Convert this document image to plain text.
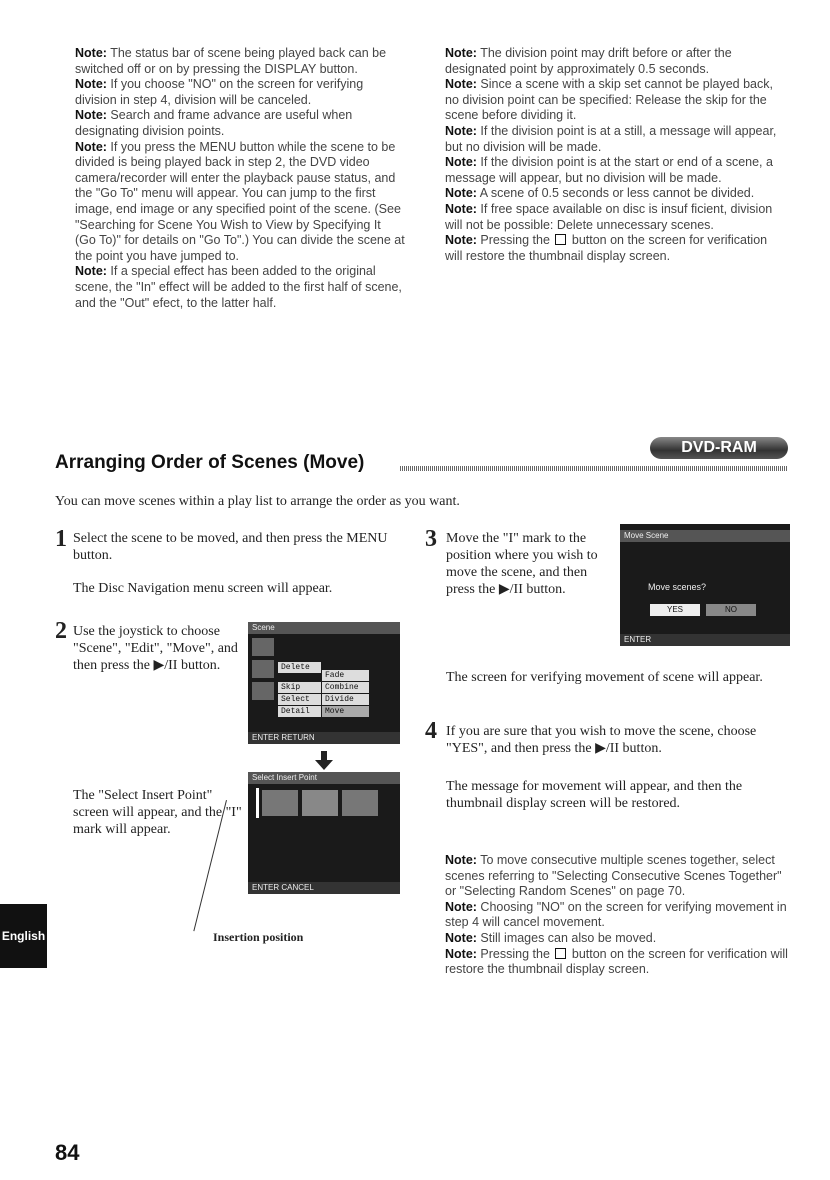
Note: The status bar of scene being played back can be switched off or on by pressing the DISPLAY button.

Note: If you choose "NO" on the screen for verifying division in step 4, division will be canceled.

Note: Search and frame advance are useful when designating division points.

Note: If you press the MENU button while the scene to be divided is being played back in step 2, the DVD video camera/recorder will enter the playback pause status, and the "Go To" menu will appear. You can jump to the first image, end image or any specified point of the scene. (See "Searching for Scene You Wish to View by Specifying It (Go To)" for details on "Go To".) You can divide the scene at the point you have jumped to.

Note: If a special effect has been added to the original scene, the "In" effect will be added to the first half of scene, and the "Out" efect, to the latter half.

Note: The division point may drift before or after the designated point by approximately 0.5 seconds.

Note: Since a scene with a skip set cannot be played back, no division point can be specified: Release the skip for the scene before dividing it.

Note: If the division point is at a still, a message will appear, but no division will be made.

Note: If the division point is at the start or end of a scene, a message will appear, but no division will be made.

Note: A scene of 0.5 seconds or less cannot be divided.

Note: If free space available on disc is insuf ficient, division will not be possible: Delete unnecessary scenes.

Note: Pressing the  button on the screen for verification will restore the thumbnail display screen.

Arranging Order of Scenes (Move)
DVD-RAM
You can move scenes within a play list to arrange the order as you want.
1 Select the scene to be moved, and then press the MENU button.

The Disc Navigation menu screen will appear.

2 Use the joystick to choose "Scene", "Edit", "Move", and then press the ▶/II button.

The "Select Insert Point" screen will appear, and the "I" mark will appear.
Scene
Delete
Skip
Select
Detail
Fade
Combine
Divide
Move
ENTER RETURN
Select Insert Point
ENTER CANCEL
Insertion position
3 Move the "I" mark to the position where you wish to move the scene, and then press the ▶/II button.
Move Scene
Move scenes?
YES	NO
ENTER
The screen for verifying movement of scene will appear.
4 If you are sure that you wish to move the scene, choose "YES", and then press the ▶/II button.
The message for movement will appear, and then the thumbnail display screen will be restored.

Note: To move consecutive multiple scenes together, select scenes referring to "Selecting Consecutive Scenes Together" or "Selecting Random Scenes" on page 70.

Note: Choosing "NO" on the screen for verifying movement in step 4 will cancel movement.

Note: Still images can also be moved.

Note: Pressing the  button on the screen for verification will restore the thumbnail display screen.

English
84
